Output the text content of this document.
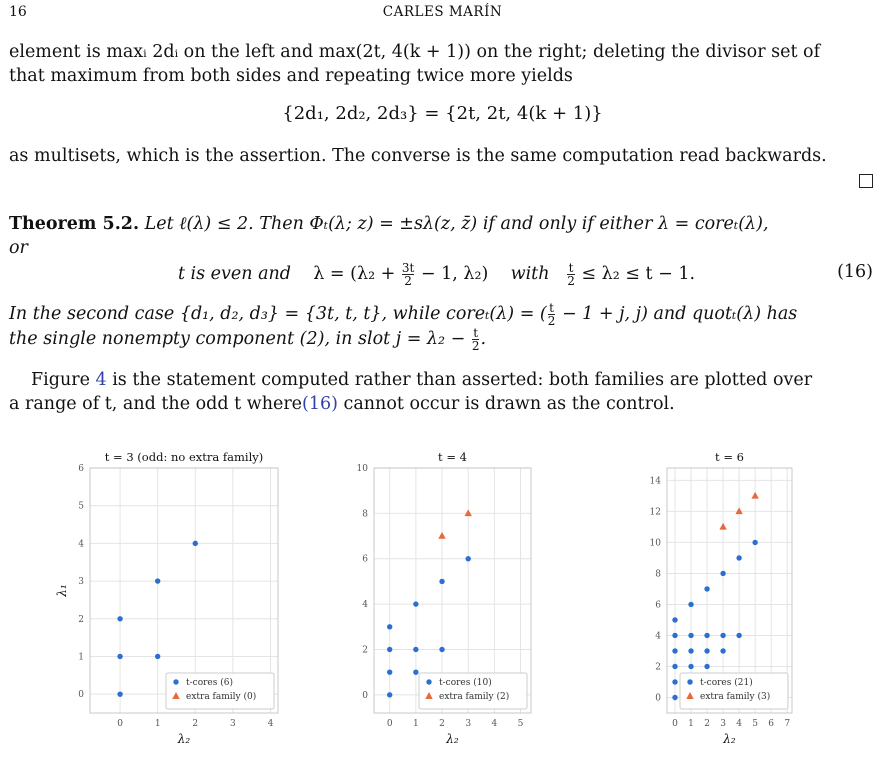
16	CARLES MARÍN

element is maxᵢ 2dᵢ on the left and max(2t, 4(k + 1)) on the right; deleting the divisor set of
that maximum from both sides and repeating twice more yields

{2d₁, 2d₂, 2d₃} = {2t, 2t, 4(k + 1)}

as multisets, which is the assertion. The converse is the same computation read backwards.

Theorem 5.2. Let ℓ(λ) ≤ 2. Then Φₜ(λ; z) = ±sλ(z, z̄) if and only if either λ = coreₜ(λ),
or
t is even and $\lambda = (\lambda_2 + \frac{3t}{2} - 1$, λ₂) with $\frac{t}{2} \le \lambda_2 \le t - 1$.	(16)
In the second case {d₁, d₂, d₃} = {3t, t, t}, while coreₜ(λ) = ( $\frac{t}{2} - 1 + j$, j) and quotₜ(λ) has
the single nonempty component (2), in slot $j = \lambda_2 - \frac{t}{2}$ .

Figure 4 is the statement computed rather than asserted: both families are plotted over
a range of t, and the odd t where(16) cannot occur is drawn as the control.

0	1	2	3	4
0
1
2
3
4
5
6
t = 3 (odd: no extra family)
λ₂
λ₁
t-cores (6)
extra family (0)
0 1 2 3 4 5
0
2
4
6
8
10
t = 4
λ₂
t-cores (10)
extra family (2)
0 1 2 3 4 5 6 7
0
2
4
6
8
10
12
14
t = 6
λ₂
t-cores (21)
extra family (3)
